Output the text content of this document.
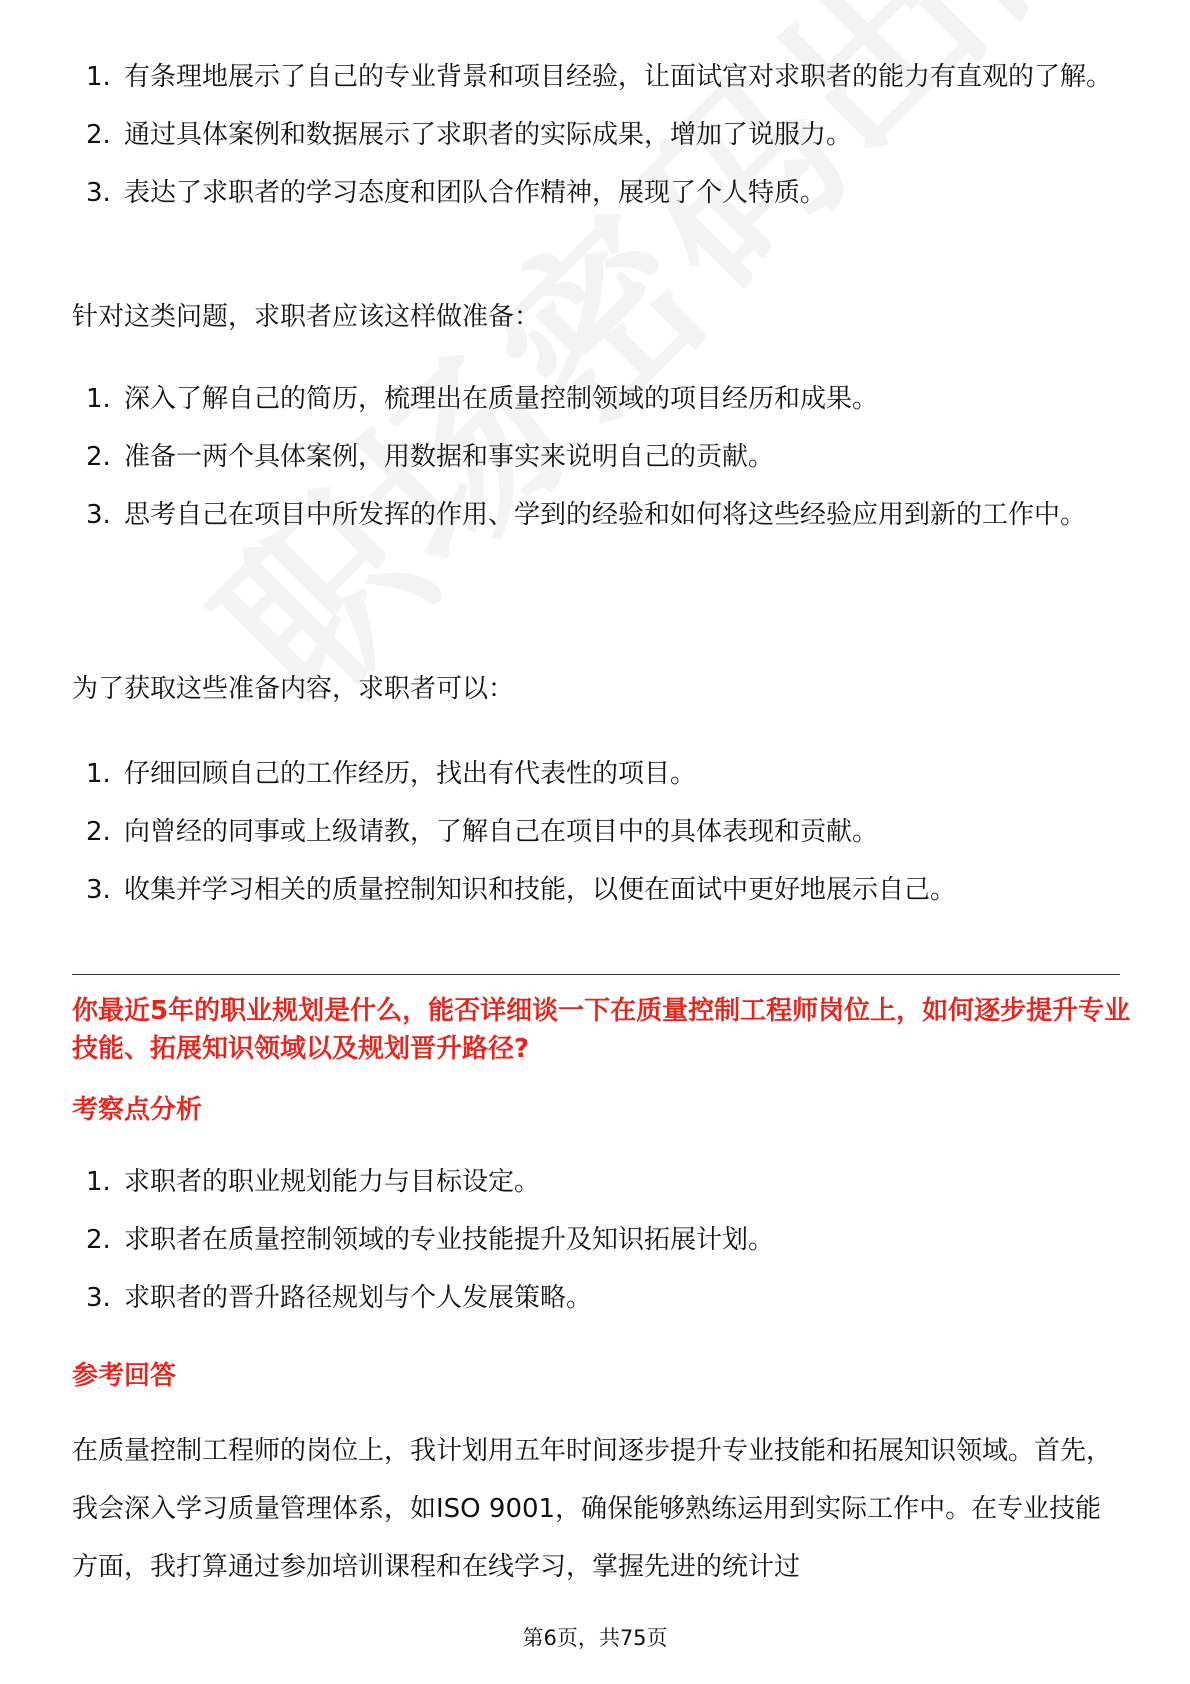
1. 有条理地展示了自己的专业背景和项目经验，让面试官对求职者的能力有直观的了解。
2. 通过具体案例和数据展示了求职者的实际成果，增加了说服力。
3. 表达了求职者的学习态度和团队合作精神，展现了个人特质。

针对这类问题，求职者应该这样做准备：

1. 深入了解自己的简历，梳理出在质量控制领域的项目经历和成果。
2. 准备一两个具体案例，用数据和事实来说明自己的贡献。
3. 思考自己在项目中所发挥的作用、学到的经验和如何将这些经验应用到新的工作中。

为了获取这些准备内容，求职者可以：

1. 仔细回顾自己的工作经历，找出有代表性的项目。
2. 向曾经的同事或上级请教，了解自己在项目中的具体表现和贡献。
3. 收集并学习相关的质量控制知识和技能，以便在面试中更好地展示自己。

你最近5年的职业规划是什么，能否详细谈一下在质量控制工程师岗位上，如何逐步提升专业技能、拓展知识领域以及规划晋升路径?

考察点分析

1. 求职者的职业规划能力与目标设定。
2. 求职者在质量控制领域的专业技能提升及知识拓展计划。
3. 求职者的晋升路径规划与个人发展策略。

参考回答

在质量控制工程师的岗位上，我计划用五年时间逐步提升专业技能和拓展知识领域。首先，我会深入学习质量管理体系，如ISO 9001，确保能够熟练运用到实际工作中。在专业技能方面，我打算通过参加培训课程和在线学习，掌握先进的统计过

第6页，共75页
